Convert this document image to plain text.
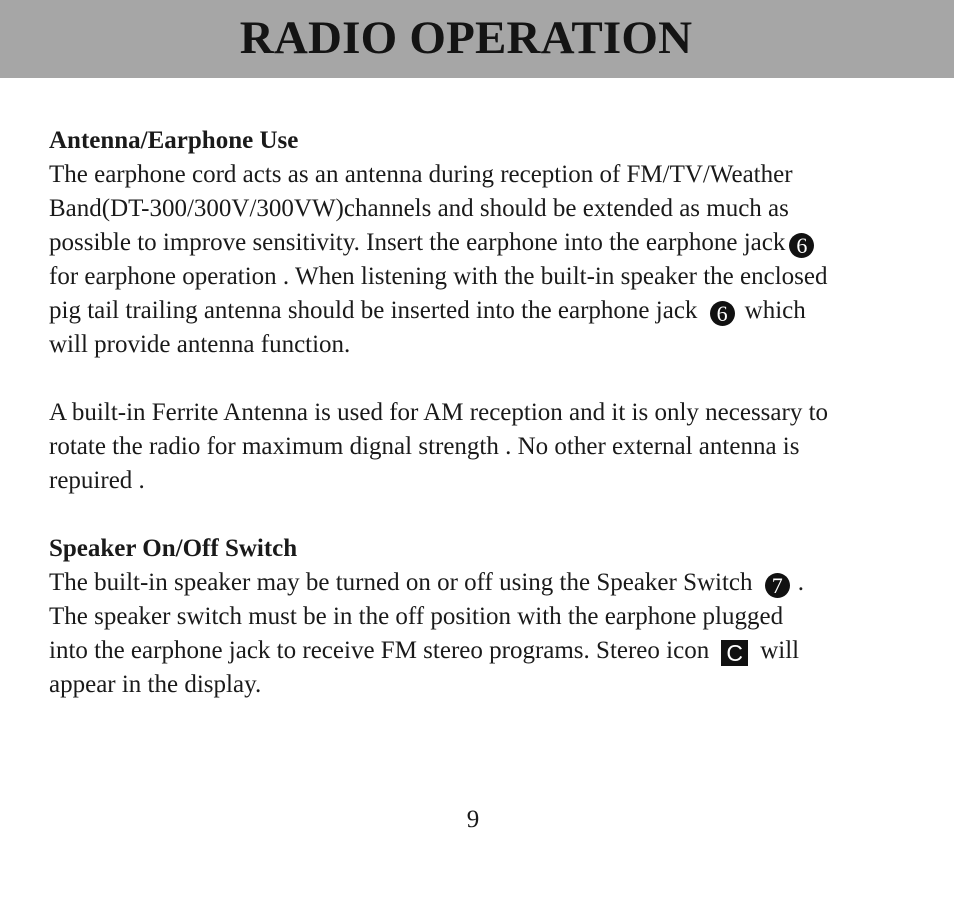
RADIO OPERATION
Antenna/Earphone Use
The earphone cord acts as an antenna during reception of FM/TV/Weather
Band(DT-300/300V/300VW)channels and should be extended as much as
possible to improve sensitivity. Insert the earphone into the earphone jack 6
for earphone operation . When listening with the built-in speaker the enclosed
pig tail trailing antenna should be inserted into the earphone jack 6 which
will provide antenna function.
A built-in Ferrite Antenna is used for AM reception and it is only necessary to
rotate the radio for maximum dignal strength . No other external antenna is
repuired .
Speaker On/Off Switch
The built-in speaker may be turned on or off using the Speaker Switch 7 .
The speaker switch must be in the off position with the earphone plugged
into the earphone jack to receive FM stereo programs. Stereo icon C will
appear in the display.
9
